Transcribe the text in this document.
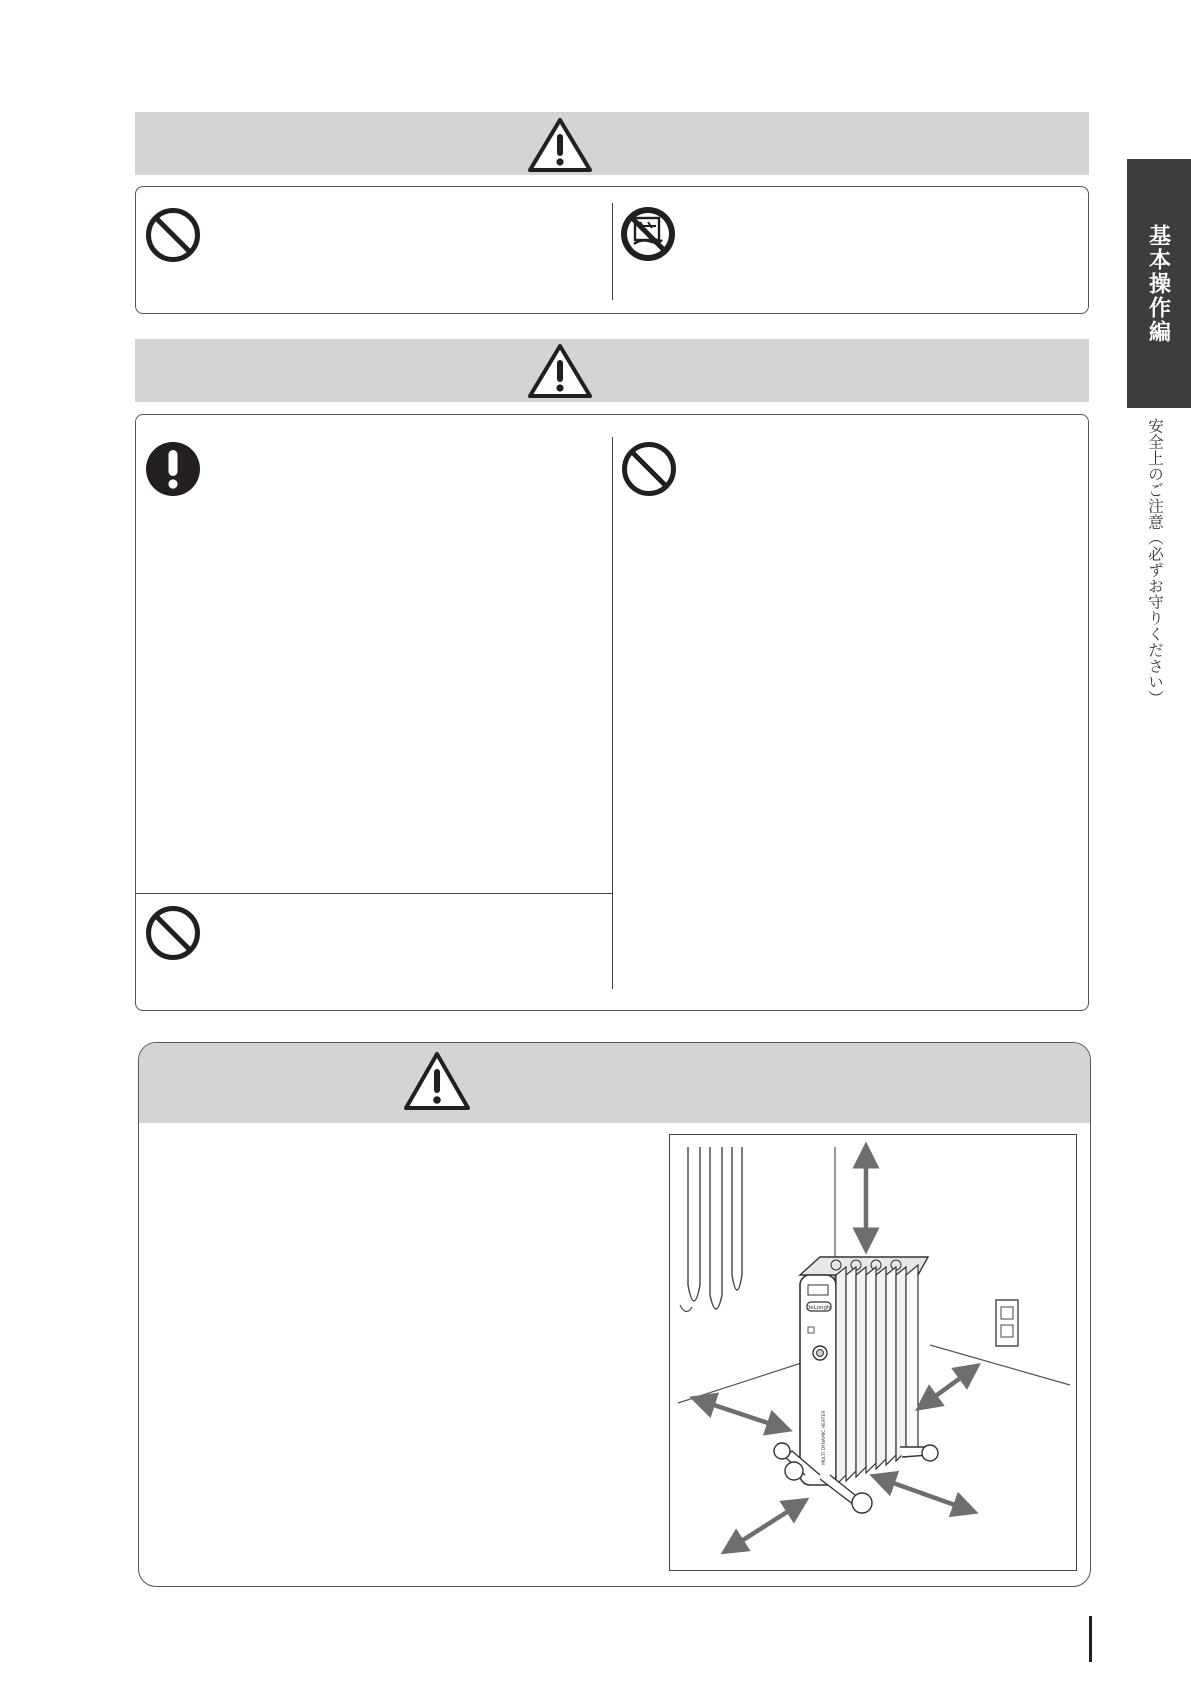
DeLonghi
MULTI DYNAMIC HEATER
基本操作編
安全上のご注意（必ずお守りください）
